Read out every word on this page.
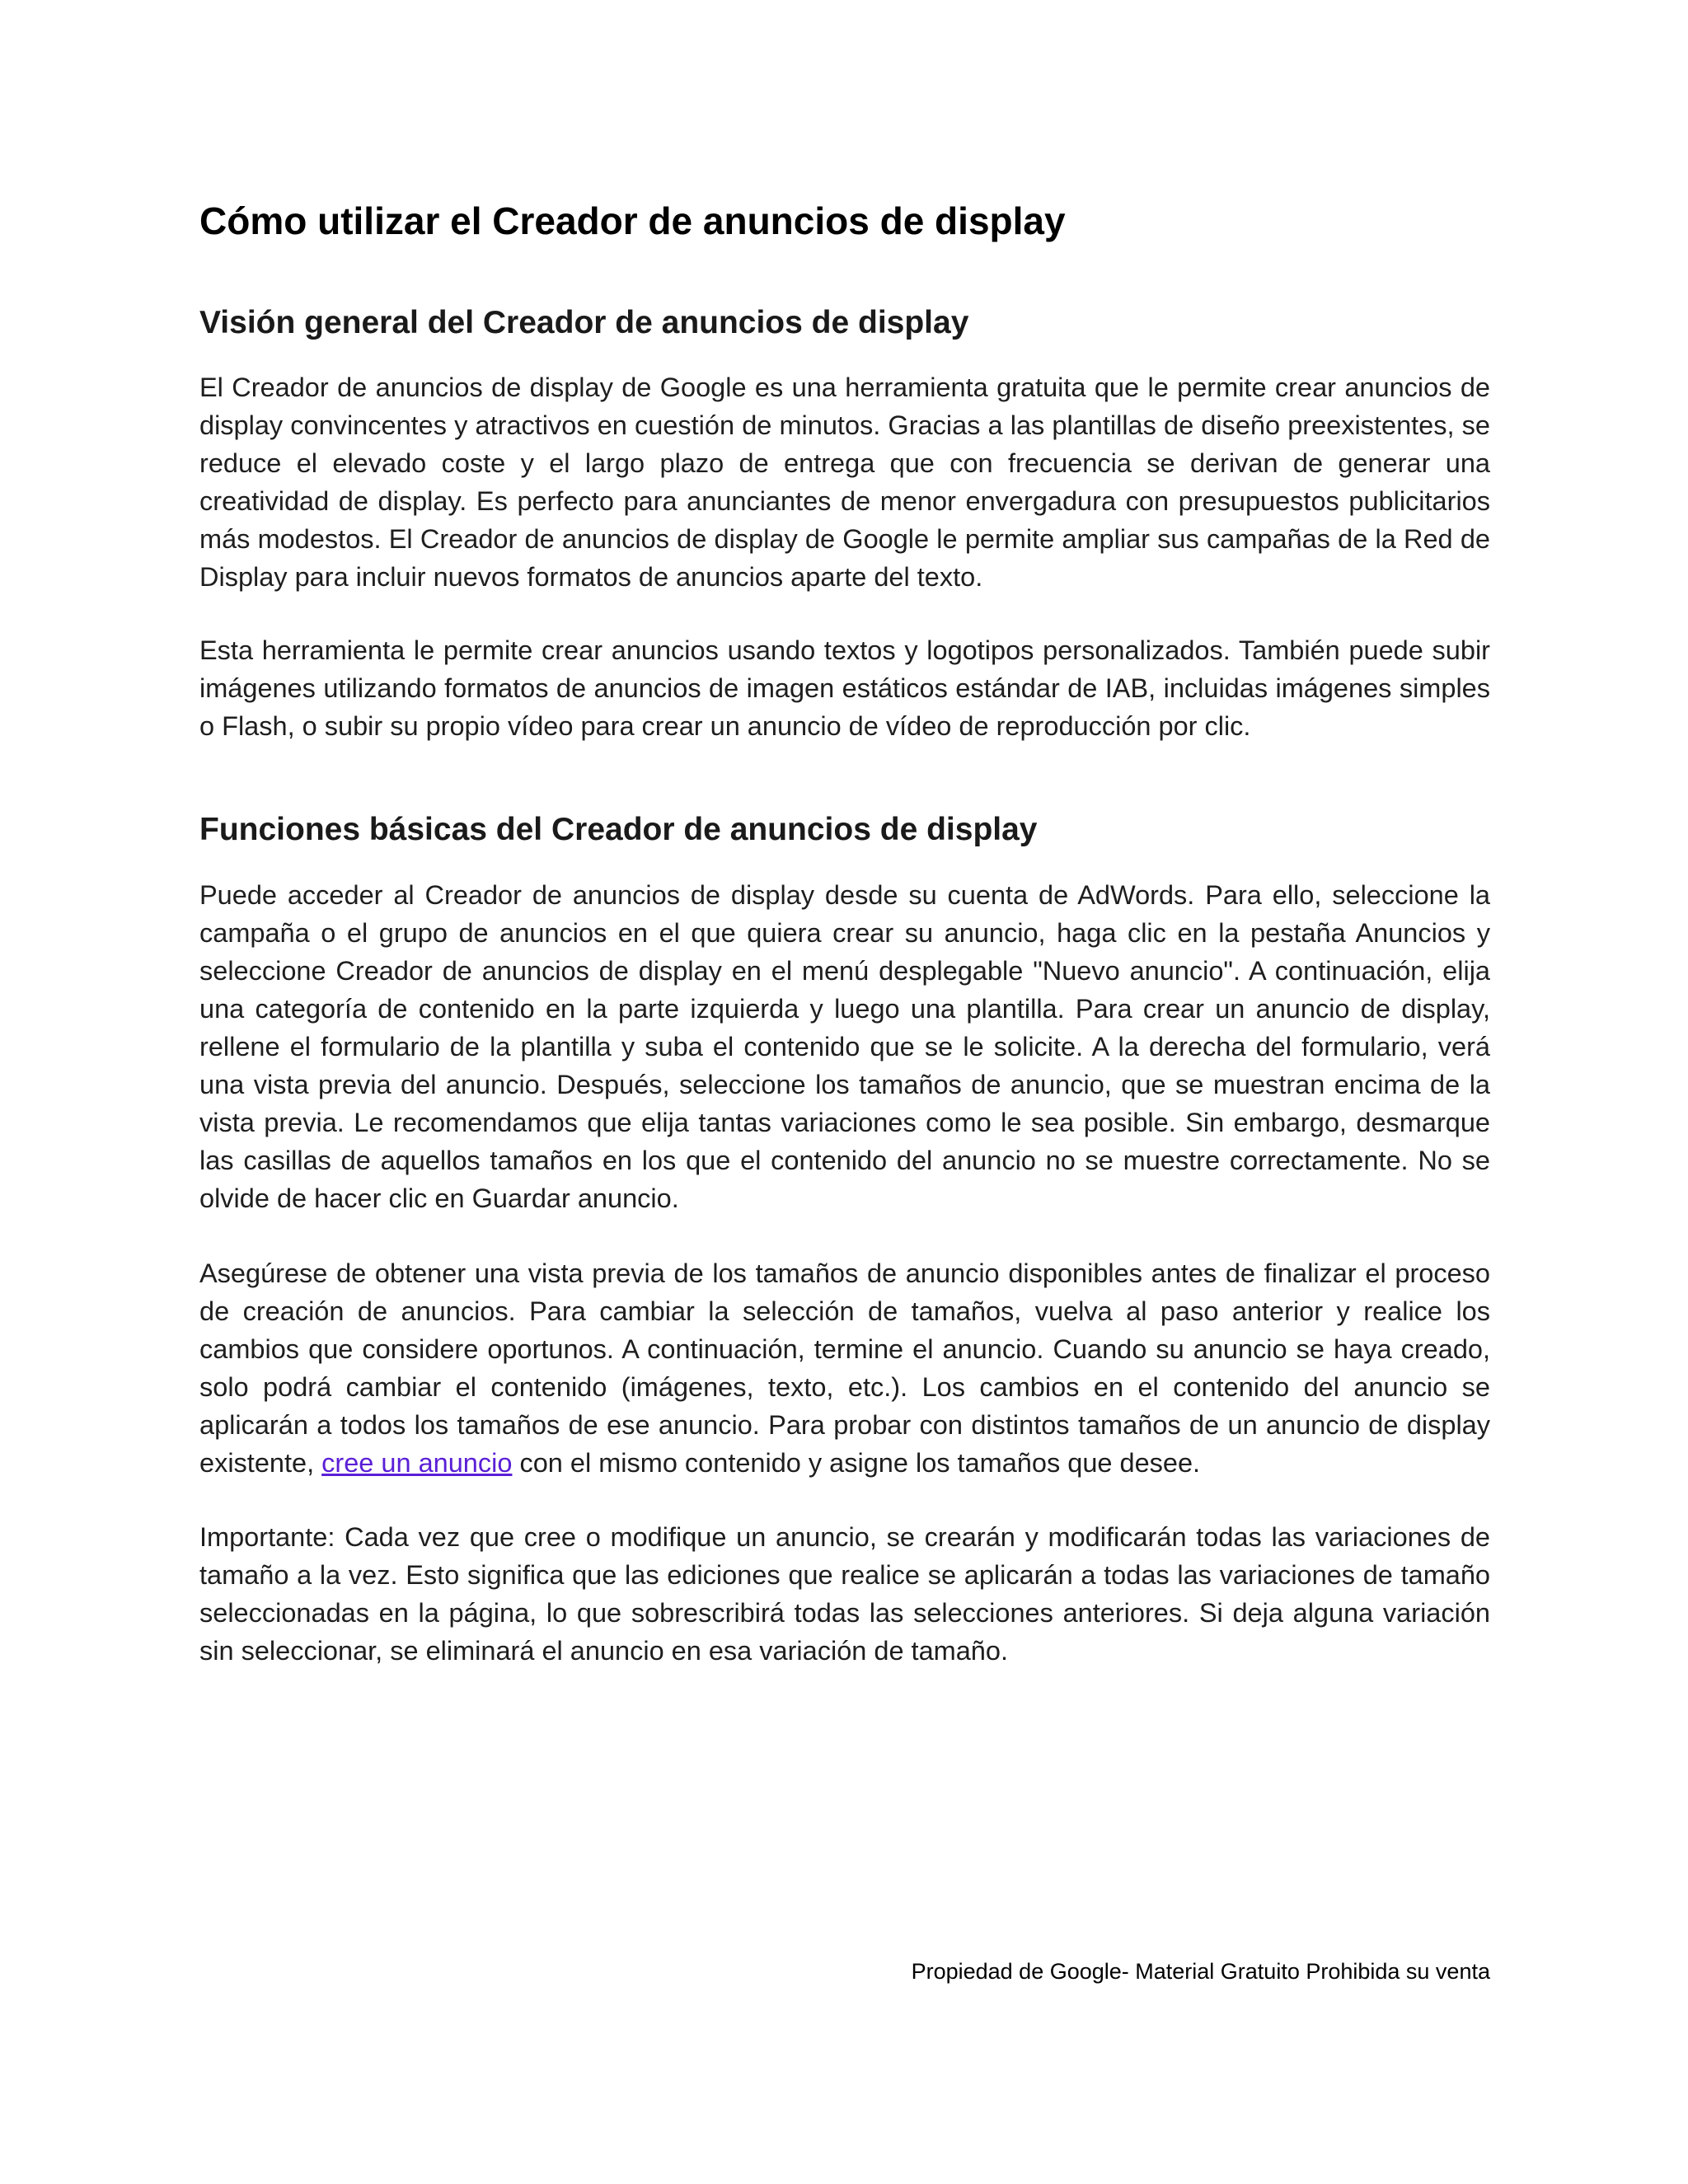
Cómo utilizar el Creador de anuncios de display
Visión general del Creador de anuncios de display

El Creador de anuncios de display de Google es una herramienta gratuita que le permite crear anuncios de display convincentes y atractivos en cuestión de minutos. Gracias a las plantillas de diseño preexistentes, se reduce el elevado coste y el largo plazo de entrega que con frecuencia se derivan de generar una creatividad de display. Es perfecto para anunciantes de menor envergadura con presupuestos publicitarios más modestos. El Creador de anuncios de display de Google le permite ampliar sus campañas de la Red de Display para incluir nuevos formatos de anuncios aparte del texto.

Esta herramienta le permite crear anuncios usando textos y logotipos personalizados. También puede subir imágenes utilizando formatos de anuncios de imagen estáticos estándar de IAB, incluidas imágenes simples o Flash, o subir su propio vídeo para crear un anuncio de vídeo de reproducción por clic.

Funciones básicas del Creador de anuncios de display

Puede acceder al Creador de anuncios de display desde su cuenta de AdWords. Para ello, seleccione la campaña o el grupo de anuncios en el que quiera crear su anuncio, haga clic en la pestaña Anuncios y seleccione Creador de anuncios de display en el menú desplegable "Nuevo anuncio". A continuación, elija una categoría de contenido en la parte izquierda y luego una plantilla. Para crear un anuncio de display, rellene el formulario de la plantilla y suba el contenido que se le solicite. A la derecha del formulario, verá una vista previa del anuncio. Después, seleccione los tamaños de anuncio, que se muestran encima de la vista previa. Le recomendamos que elija tantas variaciones como le sea posible. Sin embargo, desmarque las casillas de aquellos tamaños en los que el contenido del anuncio no se muestre correctamente. No se olvide de hacer clic en Guardar anuncio.

Asegúrese de obtener una vista previa de los tamaños de anuncio disponibles antes de finalizar el proceso de creación de anuncios. Para cambiar la selección de tamaños, vuelva al paso anterior y realice los cambios que considere oportunos. A continuación, termine el anuncio. Cuando su anuncio se haya creado, solo podrá cambiar el contenido (imágenes, texto, etc.). Los cambios en el contenido del anuncio se aplicarán a todos los tamaños de ese anuncio. Para probar con distintos tamaños de un anuncio de display existente, cree un anuncio con el mismo contenido y asigne los tamaños que desee.

Importante: Cada vez que cree o modifique un anuncio, se crearán y modificarán todas las variaciones de tamaño a la vez. Esto significa que las ediciones que realice se aplicarán a todas las variaciones de tamaño seleccionadas en la página, lo que sobrescribirá todas las selecciones anteriores. Si deja alguna variación sin seleccionar, se eliminará el anuncio en esa variación de tamaño.

Propiedad de Google- Material Gratuito Prohibida su venta
